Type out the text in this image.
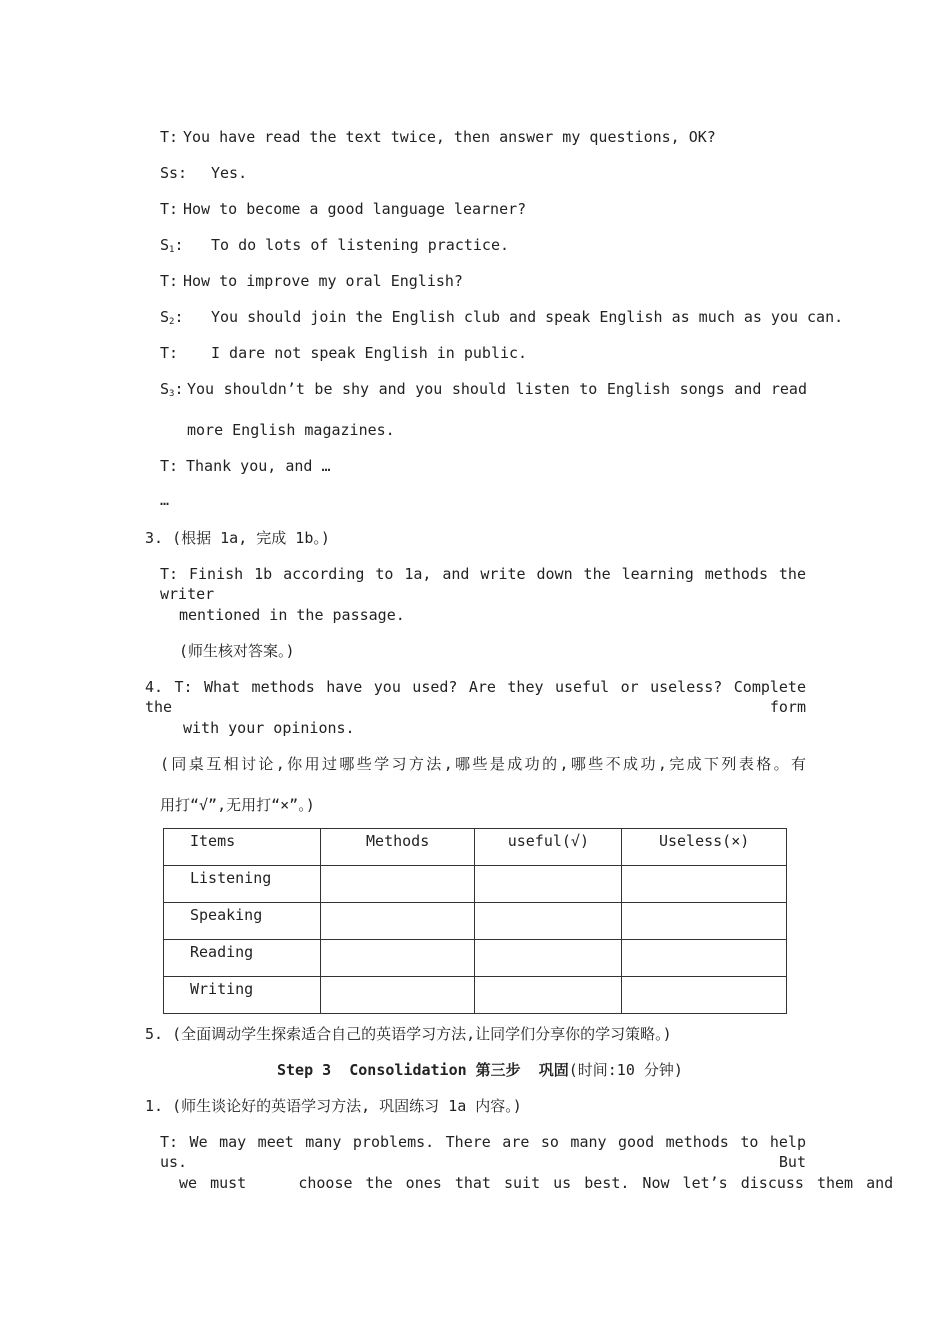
T: You have read the text twice, then answer my questions, OK?
Ss: Yes.
T: How to become a good language learner?
$S_1$: To do lots of listening practice.
T: How to improve my oral English?
$S_2$: You should join the English club and speak English as much as you can.
T: I dare not speak English in public.
$S_3$: You shouldn’t be shy and you should listen to English songs and read
more English magazines.
T: Thank you, and …
…
3. (根据 1a, 完成 1b。)
T: Finish 1b according to 1a, and write down the learning methods the writer
mentioned in the passage.
(师生核对答案。)
4. T: What methods have you used? Are they useful or useless? Complete the form
with your opinions.
(同桌互相讨论,你用过哪些学习方法,哪些是成功的,哪些不成功,完成下列表格。有
用打“√”,无用打“×”。)
Items	Methods	useful(√)	Useless(×)
Listening			
Speaking			
Reading			
Writing			
5. (全面调动学生探索适合自己的英语学习方法,让同学们分享你的学习策略。)
Step 3  Consolidation 第三步  巩固(时间:10 分钟)
1. (师生谈论好的英语学习方法, 巩固练习 1a 内容。)
T: We may meet many problems. There are so many good methods to help us. But
we must    choose the ones that suit us best. Now let’s discuss them and
